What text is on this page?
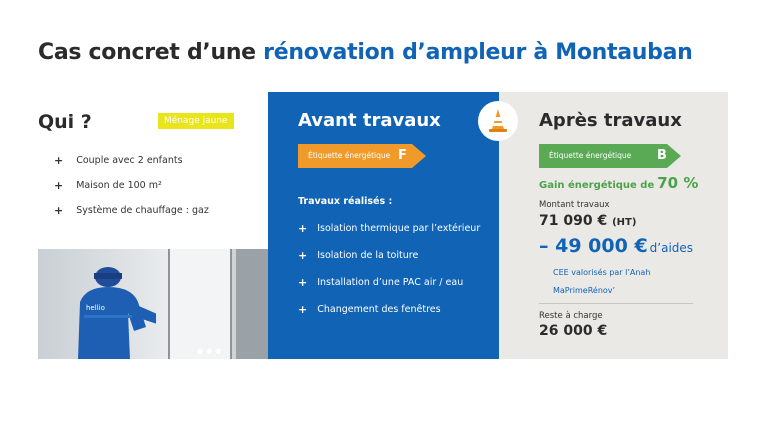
Cas concret d’une rénovation d’ampleur à Montauban
Qui ?	Ménage jaune
+ Couple avec 2 enfants
+ Maison de 100 m²
+ Système de chauffage : gaz
hellio
●●●
Avant travaux
Étiquette énergétique F
Travaux réalisés :
+ Isolation thermique par l’extérieur
+ Isolation de la toiture
+ Installation d’une PAC air / eau
+ Changement des fenêtres
Après travaux
Étiquette énergétique B
Gain énergétique de 70 %
Montant travaux
71 090 € (HT)
– 49 000 € d’aides
CEE valorisés par l’Anah
MaPrimeRénov’
Reste à charge
26 000 €
